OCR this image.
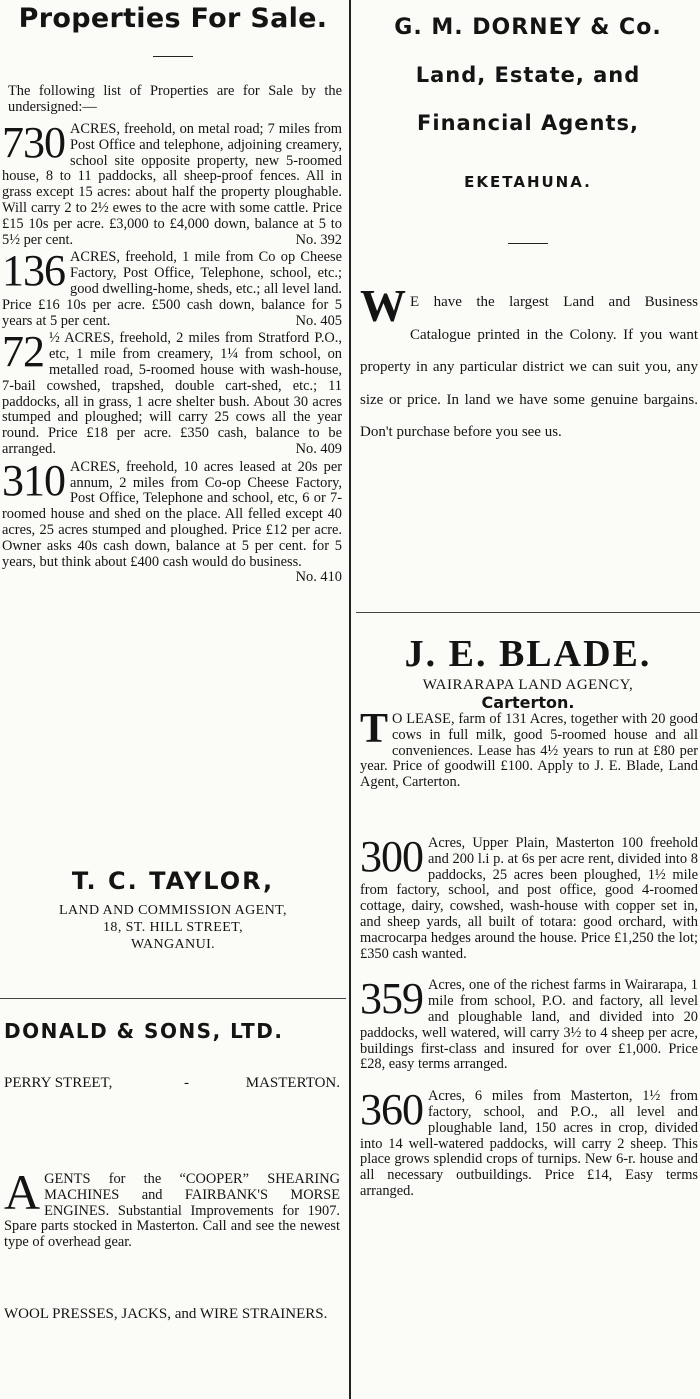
Properties For Sale.

The following list of Properties are for Sale by the undersigned:—

730 ACRES, freehold, on metal road; 7 miles from Post Office and telephone, adjoining creamery, school site opposite property, new 5-roomed house, 8 to 11 paddocks, all sheep-proof fences. All in grass except 15 acres: about half the property ploughable. Will carry 2 to 2½ ewes to the acre with some cattle. Price £15 10s per acre. £3,000 to £4,000 down, balance at 5 to 5½ per cent.	No. 392

136 ACRES, freehold, 1 mile from Co op Cheese Factory, Post Office, Telephone, school, etc.; good dwelling-home, sheds, etc.; all level land. Price £16 10s per acre. £500 cash down, balance for 5 years at 5 per cent.	No. 405

72 ½ ACRES, freehold, 2 miles from Stratford P.O., etc, 1 mile from creamery, 1¼ from school, on metalled road, 5-roomed house with wash-house, 7-bail cowshed, trapshed, double cart-shed, etc.; 11 paddocks, all in grass, 1 acre shelter bush. About 30 acres stumped and ploughed; will carry 25 cows all the year round. Price £18 per acre. £350 cash, balance to be arranged.	No. 409

310 ACRES, freehold, 10 acres leased at 20s per annum, 2 miles from Co-op Cheese Factory, Post Office, Telephone and school, etc, 6 or 7-roomed house and shed on the place. All felled except 40 acres, 25 acres stumped and ploughed. Price £12 per acre. Owner asks 40s cash down, balance at 5 per cent. for 5 years, but think about £400 cash would do business.
No. 410

T. C. TAYLOR,
LAND AND COMMISSION AGENT,
18, ST. HILL STREET,
WANGANUI.
DONALD & SONS, LTD.
PERRY STREET,	-	MASTERTON.
A GENTS for the “COOPER” SHEARING MACHINES and FAIRBANK'S MORSE ENGINES. Substantial Improvements for 1907. Spare parts stocked in Masterton. Call and see the newest type of overhead gear.

WOOL PRESSES, JACKS, and WIRE STRAINERS.

G. M. DORNEY & Co.
Land, Estate, and
Financial Agents,
EKETAHUNA.
W E have the largest Land and Business Catalogue printed in the Colony. If you want property in any particular district we can suit you, any size or price. In land we have some genuine bargains. Don't purchase before you see us.

J. E. BLADE.
WAIRARAPA LAND AGENCY,
Carterton.
T O LEASE, farm of 131 Acres, together with 20 good cows in full milk, good 5-roomed house and all conveniences. Lease has 4½ years to run at £80 per year. Price of goodwill £100. Apply to J. E. Blade, Land Agent, Carterton.

300 Acres, Upper Plain, Masterton 100 freehold and 200 l.i p. at 6s per acre rent, divided into 8 paddocks, 25 acres been ploughed, 1½ mile from factory, school, and post office, good 4-roomed cottage, dairy, cowshed, wash-house with copper set in, and sheep yards, all built of totara: good orchard, with macrocarpa hedges around the house. Price £1,250 the lot; £350 cash wanted.

359 Acres, one of the richest farms in Wairarapa, 1 mile from school, P.O. and factory, all level and ploughable land, and divided into 20 paddocks, well watered, will carry 3½ to 4 sheep per acre, buildings first-class and insured for over £1,000. Price £28, easy terms arranged.

360 Acres, 6 miles from Masterton, 1½ from factory, school, and P.O., all level and ploughable land, 150 acres in crop, divided into 14 well-watered paddocks, will carry 2 sheep. This place grows splendid crops of turnips. New 6-r. house and all necessary outbuildings. Price £14, Easy terms arranged.
